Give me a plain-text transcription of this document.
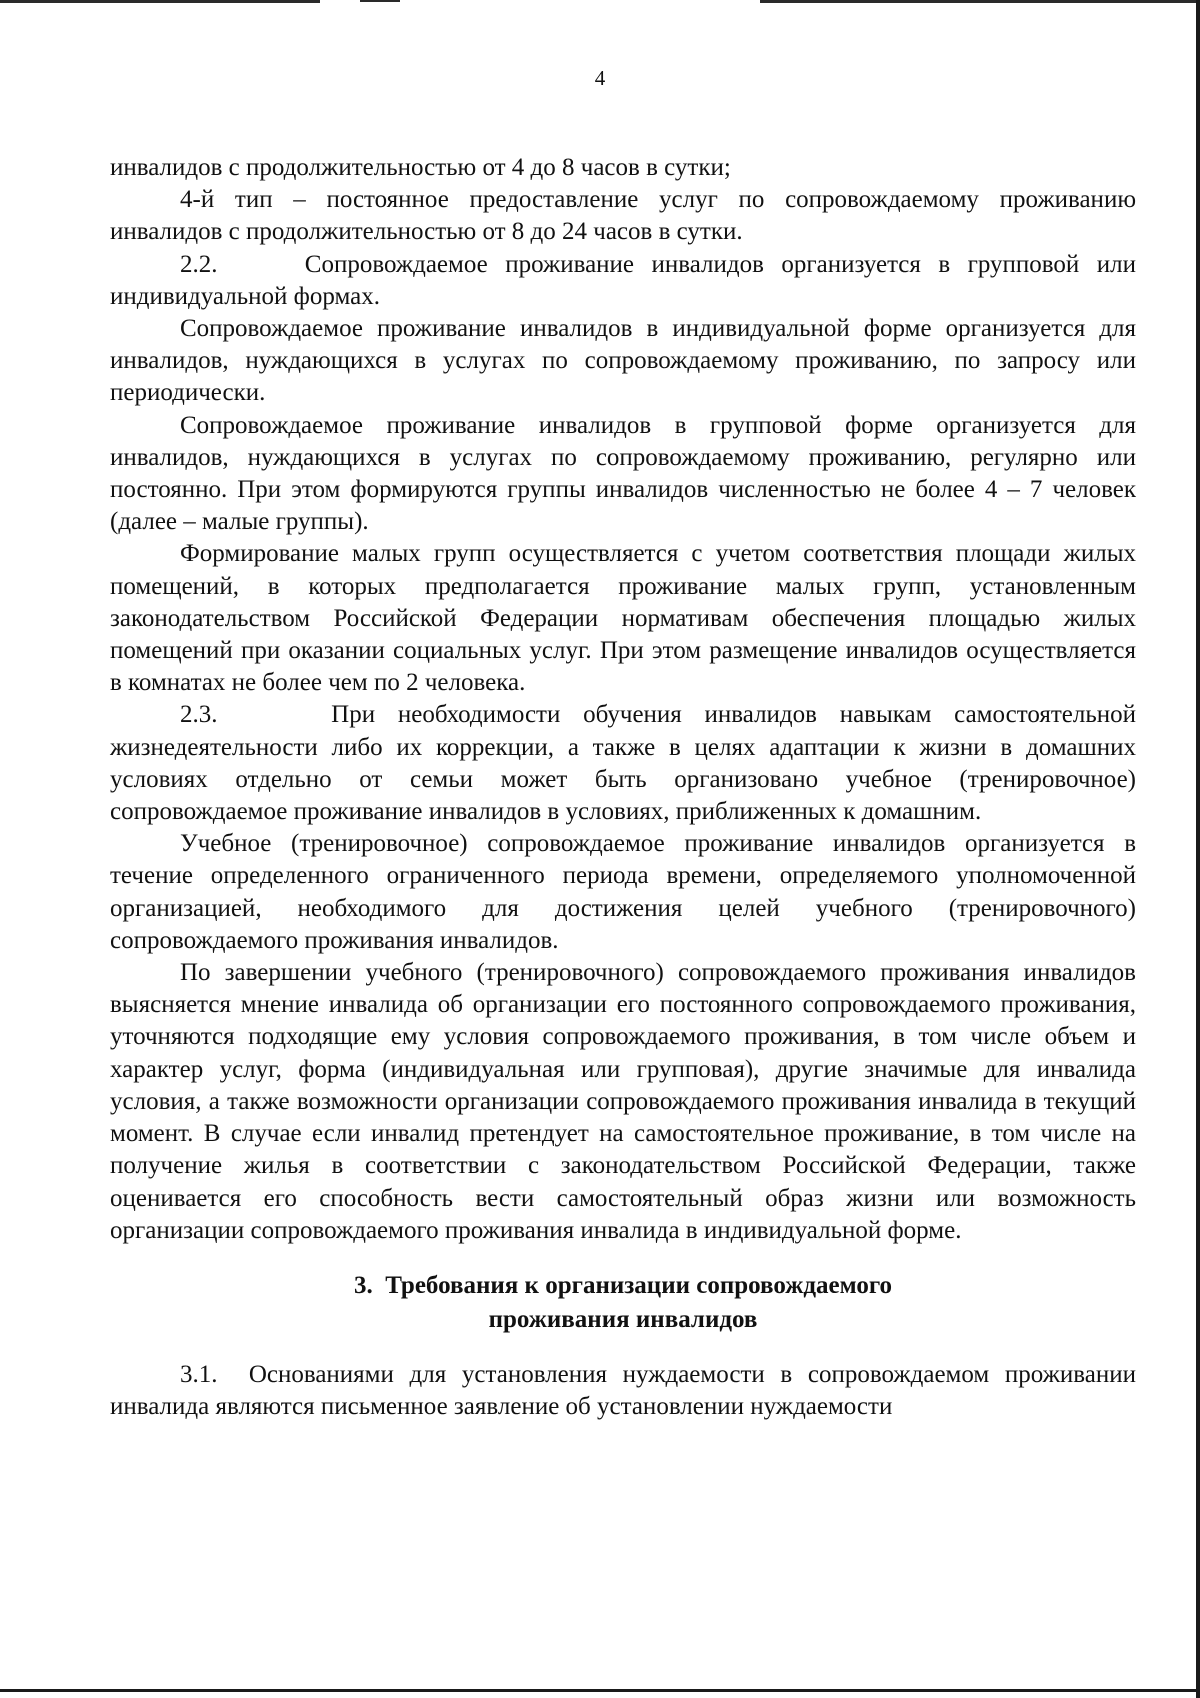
4

инвалидов с продолжительностью от 4 до 8 часов в сутки;

4-й тип – постоянное предоставление услуг по сопровождаемому проживанию инвалидов с продолжительностью от 8 до 24 часов в сутки.

2.2.     Сопровождаемое проживание инвалидов организуется в групповой или индивидуальной формах.

Сопровождаемое проживание инвалидов в индивидуальной форме организуется для инвалидов, нуждающихся в услугах по сопровождаемому проживанию, по запросу или периодически.

Сопровождаемое проживание инвалидов в групповой форме организуется для инвалидов, нуждающихся в услугах по сопровождаемому проживанию, регулярно или постоянно. При этом формируются группы инвалидов численностью не более 4 – 7 человек (далее – малые группы).

Формирование малых групп осуществляется с учетом соответствия площади жилых помещений, в которых предполагается проживание малых групп, установленным законодательством Российской Федерации нормативам обеспечения площадью жилых помещений при оказании социальных услуг. При этом размещение инвалидов осуществляется в комнатах не более чем по 2 человека.

2.3.     При необходимости обучения инвалидов навыкам самостоятельной жизнедеятельности либо их коррекции, а также в целях адаптации к жизни в домашних условиях отдельно от семьи может быть организовано учебное (тренировочное) сопровождаемое проживание инвалидов в условиях, приближенных к домашним.

Учебное (тренировочное) сопровождаемое проживание инвалидов организуется в течение определенного ограниченного периода времени, определяемого уполномоченной организацией, необходимого для достижения целей учебного (тренировочного) сопровождаемого проживания инвалидов.

По завершении учебного (тренировочного) сопровождаемого проживания инвалидов выясняется мнение инвалида об организации его постоянного сопровождаемого проживания, уточняются подходящие ему условия сопровождаемого проживания, в том числе объем и характер услуг, форма (индивидуальная или групповая), другие значимые для инвалида условия, а также возможности организации сопровождаемого проживания инвалида в текущий момент. В случае если инвалид претендует на самостоятельное проживание, в том числе на получение жилья в соответствии с законодательством Российской Федерации, также оценивается его способность вести самостоятельный образ жизни или возможность организации сопровождаемого проживания инвалида в индивидуальной форме.

3.  Требования к организации сопровождаемого
проживания инвалидов

3.1.  Основаниями для установления нуждаемости в сопровождаемом проживании инвалида являются письменное заявление об установлении нуждаемости
